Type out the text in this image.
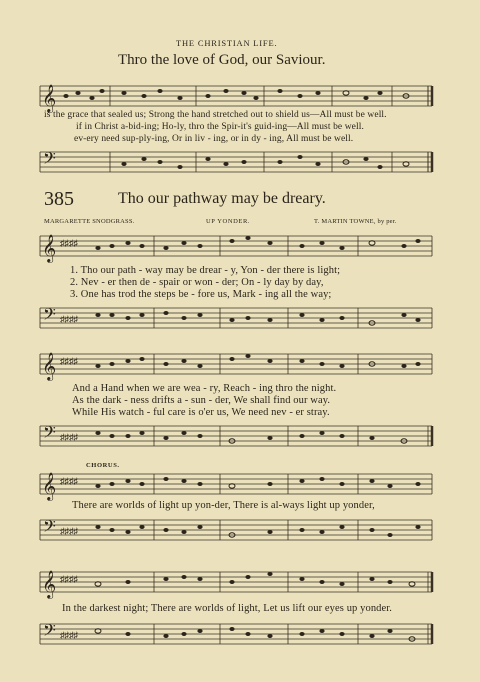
THE CHRISTIAN LIFE.
Thro the love of God, our Saviour.
𝄞
is the grace that sealed us; Strong the hand stretched out to shield us—All must be well.
if in Christ a-bid-ing; Ho-ly, thro the Spir-it's guid-ing—All must be well.
ev-ery need sup-ply-ing, Or in liv - ing, or in dy - ing, All must be well.
𝄢
385	Tho our pathway may be dreary.
MARGARETTE SNODGRASS.	UP YONDER.	T. MARTIN TOWNE, by per.
𝄞 ♯♯♯♯
1. Tho our path - way may be drear - y, Yon - der there is light;
2. Nev - er then de - spair or won - der; On - ly day by day,
3. One has trod the steps be - fore us, Mark - ing all the way;
𝄢 ♯♯♯♯
𝄞 ♯♯♯♯
And a Hand when we are wea - ry, Reach - ing thro the night.
As the dark - ness drifts a - sun - der, We shall find our way.
While His watch - ful care is o'er us, We need nev - er stray.
𝄢 ♯♯♯♯
CHORUS.
𝄞 ♯♯♯♯
There are worlds of light up yon-der, There is al-ways light up yonder,
𝄢 ♯♯♯♯
𝄞 ♯♯♯♯
In the darkest night; There are worlds of light, Let us lift our eyes up yonder.
𝄢 ♯♯♯♯
